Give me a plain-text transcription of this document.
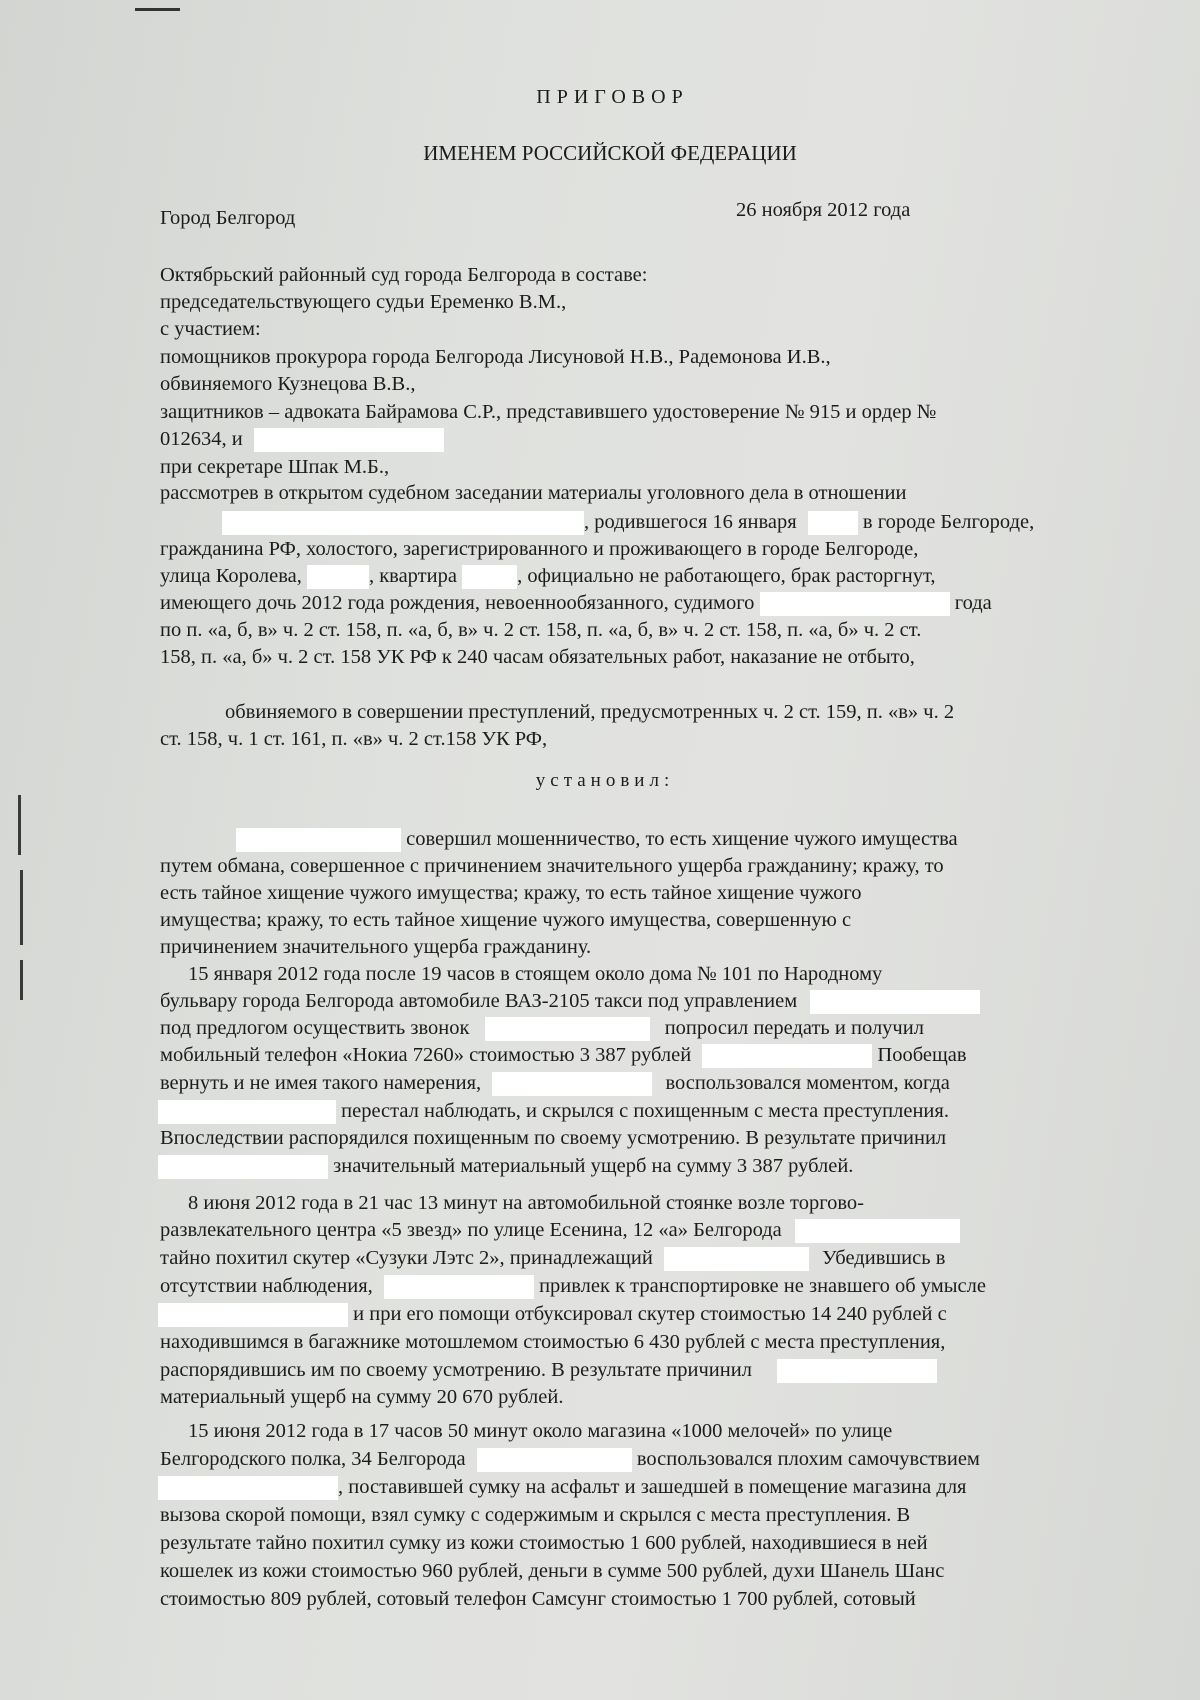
ПРИГОВОР
ИМЕНЕМ РОССИЙСКОЙ ФЕДЕРАЦИИ
Город Белгород	26 ноября 2012 года
Октябрьский районный суд города Белгорода в составе:
председательствующего судьи Еременко В.М.,
с участием:
помощников прокурора города Белгорода Лисуновой Н.В., Радемонова И.В.,
обвиняемого Кузнецова В.В.,
защитников – адвоката Байрамова С.Р., представившего удостоверение № 915 и ордер №
012634, и
при секретаре Шпак М.Б.,
рассмотрев в открытом судебном заседании материалы уголовного дела в отношении
, родившегося 16 января	в городе Белгороде,
гражданина РФ, холостого, зарегистрированного и проживающего в городе Белгороде,
улица Королева,	, квартира	, официально не работающего, брак расторгнут,
имеющего дочь 2012 года рождения, невоеннообязанного, судимого	года
по п. «а, б, в» ч. 2 ст. 158, п. «а, б, в» ч. 2 ст. 158, п. «а, б, в» ч. 2 ст. 158, п. «а, б» ч. 2 ст.
158, п. «а, б» ч. 2 ст. 158 УК РФ к 240 часам обязательных работ, наказание не отбыто,
обвиняемого в совершении преступлений, предусмотренных ч. 2 ст. 159, п. «в» ч. 2
ст. 158, ч. 1 ст. 161, п. «в» ч. 2 ст.158 УК РФ,
установил:
совершил мошенничество, то есть хищение чужого имущества
путем обмана, совершенное с причинением значительного ущерба гражданину; кражу, то
есть тайное хищение чужого имущества; кражу, то есть тайное хищение чужого
имущества; кражу, то есть тайное хищение чужого имущества, совершенную с
причинением значительного ущерба гражданину.
15 января 2012 года после 19 часов в стоящем около дома № 101 по Народному
бульвару города Белгорода автомобиле ВАЗ-2105 такси под управлением
под предлогом осуществить звонок	попросил передать и получил
мобильный телефон «Нокиа 7260» стоимостью 3 387 рублей	Пообещав
вернуть и не имея такого намерения,	воспользовался моментом, когда
перестал наблюдать, и скрылся с похищенным с места преступления.
Впоследствии распорядился похищенным по своему усмотрению. В результате причинил
значительный материальный ущерб на сумму 3 387 рублей.
8 июня 2012 года в 21 час 13 минут на автомобильной стоянке возле торгово-
развлекательного центра «5 звезд» по улице Есенина, 12 «а» Белгорода
тайно похитил скутер «Сузуки Лэтс 2», принадлежащий	Убедившись в
отсутствии наблюдения,	привлек к транспортировке не знавшего об умысле
и при его помощи отбуксировал скутер стоимостью 14 240 рублей с
находившимся в багажнике мотошлемом стоимостью 6 430 рублей с места преступления,
распорядившись им по своему усмотрению. В результате причинил
материальный ущерб на сумму 20 670 рублей.
15 июня 2012 года в 17 часов 50 минут около магазина «1000 мелочей» по улице
Белгородского полка, 34 Белгорода	воспользовался плохим самочувствием
, поставившей сумку на асфальт и зашедшей в помещение магазина для
вызова скорой помощи, взял сумку с содержимым и скрылся с места преступления. В
результате тайно похитил сумку из кожи стоимостью 1 600 рублей, находившиеся в ней
кошелек из кожи стоимостью 960 рублей, деньги в сумме 500 рублей, духи Шанель Шанс
стоимостью 809 рублей, сотовый телефон Самсунг стоимостью 1 700 рублей, сотовый
